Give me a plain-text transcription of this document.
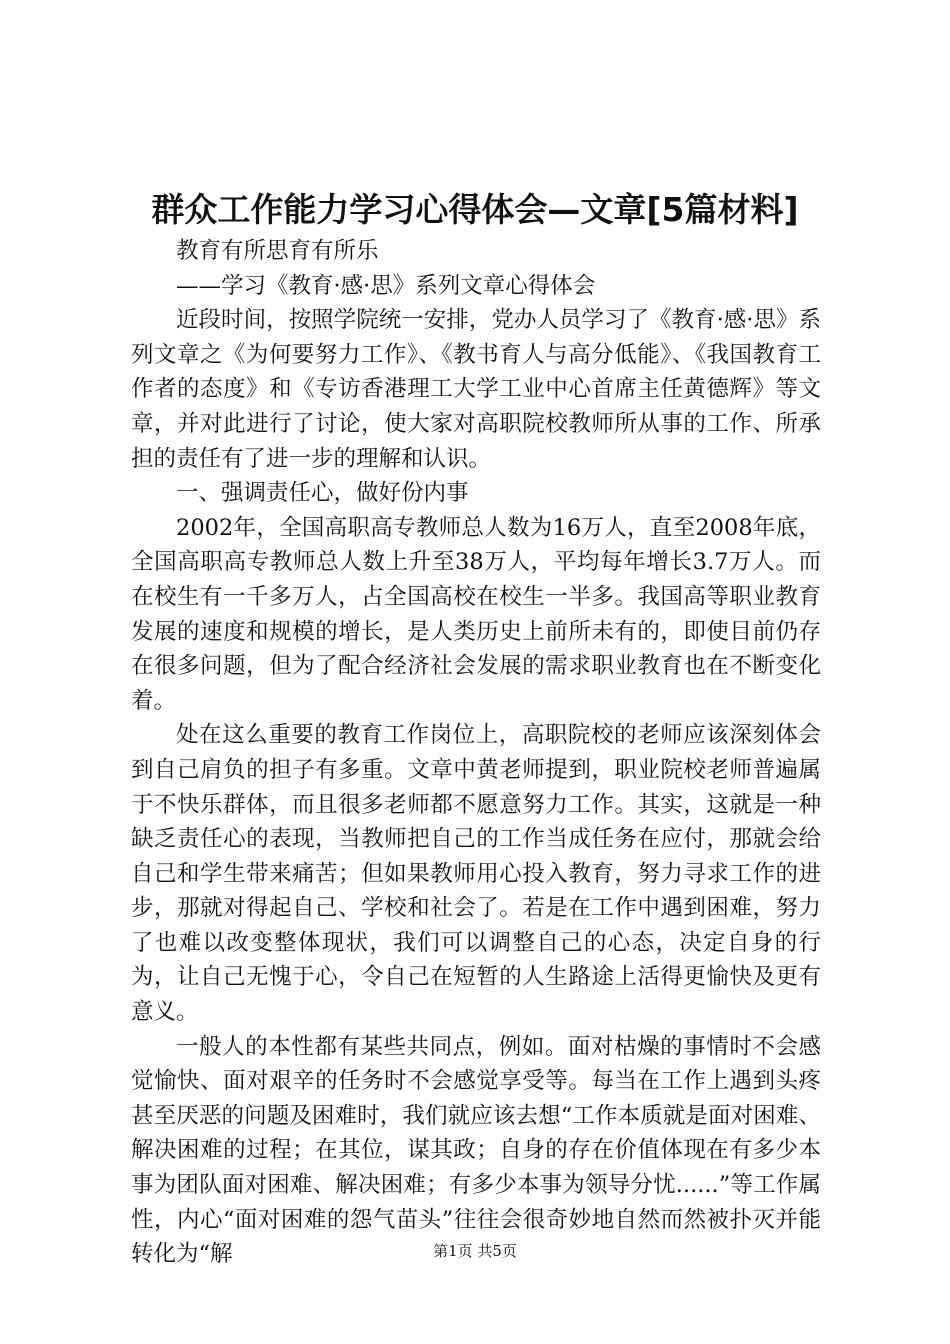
群众工作能力学习心得体会—文章[5篇材料]

教育有所思育有所乐

——学习《教育·感·思》系列文章心得体会

近段时间，按照学院统一安排，党办人员学习了《教育·感·思》系列文章之《为何要努力工作》、《教书育人与高分低能》、《我国教育工作者的态度》和《专访香港理工大学工业中心首席主任黄德辉》等文章，并对此进行了讨论，使大家对高职院校教师所从事的工作、所承担的责任有了进一步的理解和认识。

一、强调责任心，做好份内事

2002年，全国高职高专教师总人数为16万人，直至2008年底，全国高职高专教师总人数上升至38万人，平均每年增长3.7万人。而在校生有一千多万人，占全国高校在校生一半多。我国高等职业教育发展的速度和规模的增长，是人类历史上前所未有的，即使目前仍存在很多问题，但为了配合经济社会发展的需求职业教育也在不断变化着。

处在这么重要的教育工作岗位上，高职院校的老师应该深刻体会到自己肩负的担子有多重。文章中黄老师提到，职业院校老师普遍属于不快乐群体，而且很多老师都不愿意努力工作。其实，这就是一种缺乏责任心的表现，当教师把自己的工作当成任务在应付，那就会给自己和学生带来痛苦；但如果教师用心投入教育，努力寻求工作的进步，那就对得起自己、学校和社会了。若是在工作中遇到困难，努力了也难以改变整体现状，我们可以调整自己的心态，决定自身的行为，让自己无愧于心，令自己在短暂的人生路途上活得更愉快及更有意义。

一般人的本性都有某些共同点，例如。面对枯燥的事情时不会感觉愉快、面对艰辛的任务时不会感觉享受等。每当在工作上遇到头疼甚至厌恶的问题及困难时，我们就应该去想“工作本质就是面对困难、解决困难的过程；在其位，谋其政；自身的存在价值体现在有多少本事为团队面对困难、解决困难；有多少本事为领导分忧......”等工作属性，内心“面对困难的怨气苗头”往往会很奇妙地自然而然被扑灭并能转化为“解	第1页 共5页
